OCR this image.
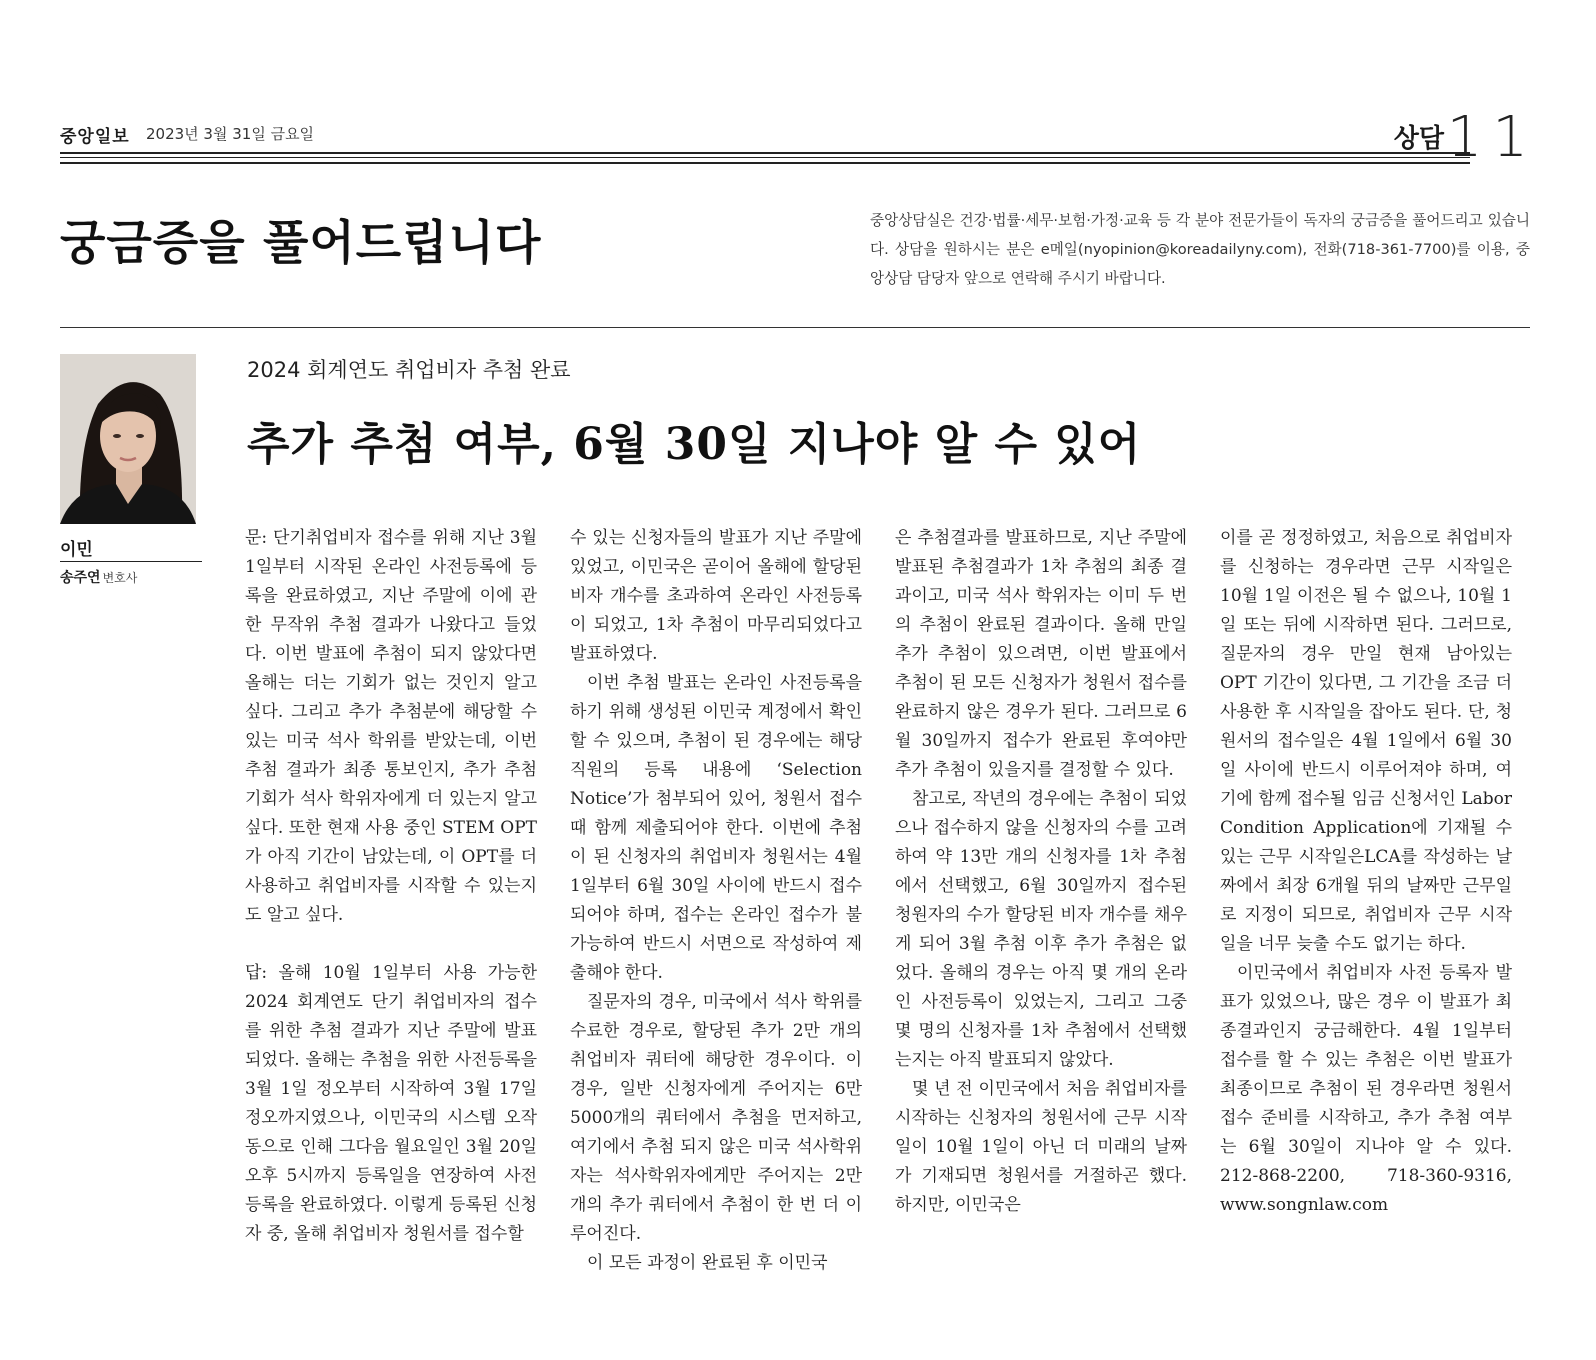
중앙일보 2023년 3월 31일 금요일	상담 11
궁금증을 풀어드립니다	중앙상담실은 건강·법률·세무·보험·가정·교육 등 각 분야 전문가들이 독자의 궁금증을 풀어드리고 있습니다. 상담을 원하시는 분은 e메일(nyopinion@koreadailyny.com), 전화(718-361-7700)를 이용, 중앙상담 담당자 앞으로 연락해 주시기 바랍니다.
이민
송주연 변호사
2024 회계연도 취업비자 추첨 완료
추가 추첨 여부, 6월 30일 지나야 알 수 있어

문: 단기취업비자 접수를 위해 지난 3월 1일부터 시작된 온라인 사전등록에 등록을 완료하였고, 지난 주말에 이에 관한 무작위 추첨 결과가 나왔다고 들었다. 이번 발표에 추첨이 되지 않았다면 올해는 더는 기회가 없는 것인지 알고 싶다. 그리고 추가 추첨분에 해당할 수 있는 미국 석사 학위를 받았는데, 이번 추첨 결과가 최종 통보인지, 추가 추첨 기회가 석사 학위자에게 더 있는지 알고 싶다. 또한 현재 사용 중인 STEM OPT가 아직 기간이 남았는데, 이 OPT를 더 사용하고 취업비자를 시작할 수 있는지도 알고 싶다.

답: 올해 10월 1일부터 사용 가능한 2024 회계연도 단기 취업비자의 접수를 위한 추첨 결과가 지난 주말에 발표되었다. 올해는 추첨을 위한 사전등록을 3월 1일 정오부터 시작하여 3월 17일 정오까지였으나, 이민국의 시스템 오작동으로 인해 그다음 월요일인 3월 20일 오후 5시까지 등록일을 연장하여 사전등록을 완료하였다. 이렇게 등록된 신청자 중, 올해 취업비자 청원서를 접수할

수 있는 신청자들의 발표가 지난 주말에 있었고, 이민국은 곧이어 올해에 할당된 비자 개수를 초과하여 온라인 사전등록이 되었고, 1차 추첨이 마무리되었다고 발표하였다.

이번 추첨 발표는 온라인 사전등록을 하기 위해 생성된 이민국 계정에서 확인할 수 있으며, 추첨이 된 경우에는 해당 직원의 등록 내용에 ‘Selection Notice’가 첨부되어 있어, 청원서 접수 때 함께 제출되어야 한다. 이번에 추첨이 된 신청자의 취업비자 청원서는 4월 1일부터 6월 30일 사이에 반드시 접수되어야 하며, 접수는 온라인 접수가 불가능하여 반드시 서면으로 작성하여 제출해야 한다.

질문자의 경우, 미국에서 석사 학위를 수료한 경우로, 할당된 추가 2만 개의 취업비자 쿼터에 해당한 경우이다. 이 경우, 일반 신청자에게 주어지는 6만5000개의 쿼터에서 추첨을 먼저하고, 여기에서 추첨 되지 않은 미국 석사학위자는 석사학위자에게만 주어지는 2만 개의 추가 쿼터에서 추첨이 한 번 더 이루어진다.

이 모든 과정이 완료된 후 이민국

은 추첨결과를 발표하므로, 지난 주말에 발표된 추첨결과가 1차 추첨의 최종 결과이고, 미국 석사 학위자는 이미 두 번의 추첨이 완료된 결과이다. 올해 만일 추가 추첨이 있으려면, 이번 발표에서 추첨이 된 모든 신청자가 청원서 접수를 완료하지 않은 경우가 된다. 그러므로 6월 30일까지 접수가 완료된 후여야만 추가 추첨이 있을지를 결정할 수 있다.

참고로, 작년의 경우에는 추첨이 되었으나 접수하지 않을 신청자의 수를 고려하여 약 13만 개의 신청자를 1차 추첨에서 선택했고, 6월 30일까지 접수된 청원자의 수가 할당된 비자 개수를 채우게 되어 3월 추첨 이후 추가 추첨은 없었다. 올해의 경우는 아직 몇 개의 온라인 사전등록이 있었는지, 그리고 그중 몇 명의 신청자를 1차 추첨에서 선택했는지는 아직 발표되지 않았다.

몇 년 전 이민국에서 처음 취업비자를 시작하는 신청자의 청원서에 근무 시작일이 10월 1일이 아닌 더 미래의 날짜가 기재되면 청원서를 거절하곤 했다. 하지만, 이민국은

이를 곧 정정하였고, 처음으로 취업비자를 신청하는 경우라면 근무 시작일은 10월 1일 이전은 될 수 없으나, 10월 1일 또는 뒤에 시작하면 된다. 그러므로, 질문자의 경우 만일 현재 남아있는 OPT 기간이 있다면, 그 기간을 조금 더 사용한 후 시작일을 잡아도 된다. 단, 청원서의 접수일은 4월 1일에서 6월 30일 사이에 반드시 이루어져야 하며, 여기에 함께 접수될 임금 신청서인 Labor Condition Application에 기재될 수 있는 근무 시작일은LCA를 작성하는 날짜에서 최장 6개월 뒤의 날짜만 근무일로 지정이 되므로, 취업비자 근무 시작일을 너무 늦출 수도 없기는 하다.

이민국에서 취업비자 사전 등록자 발표가 있었으나, 많은 경우 이 발표가 최종결과인지 궁금해한다. 4월 1일부터 접수를 할 수 있는 추첨은 이번 발표가 최종이므로 추첨이 된 경우라면 청원서 접수 준비를 시작하고, 추가 추첨 여부는 6월 30일이 지나야 알 수 있다. 212-868-2200, 718-360-9316, www.songnlaw.com
